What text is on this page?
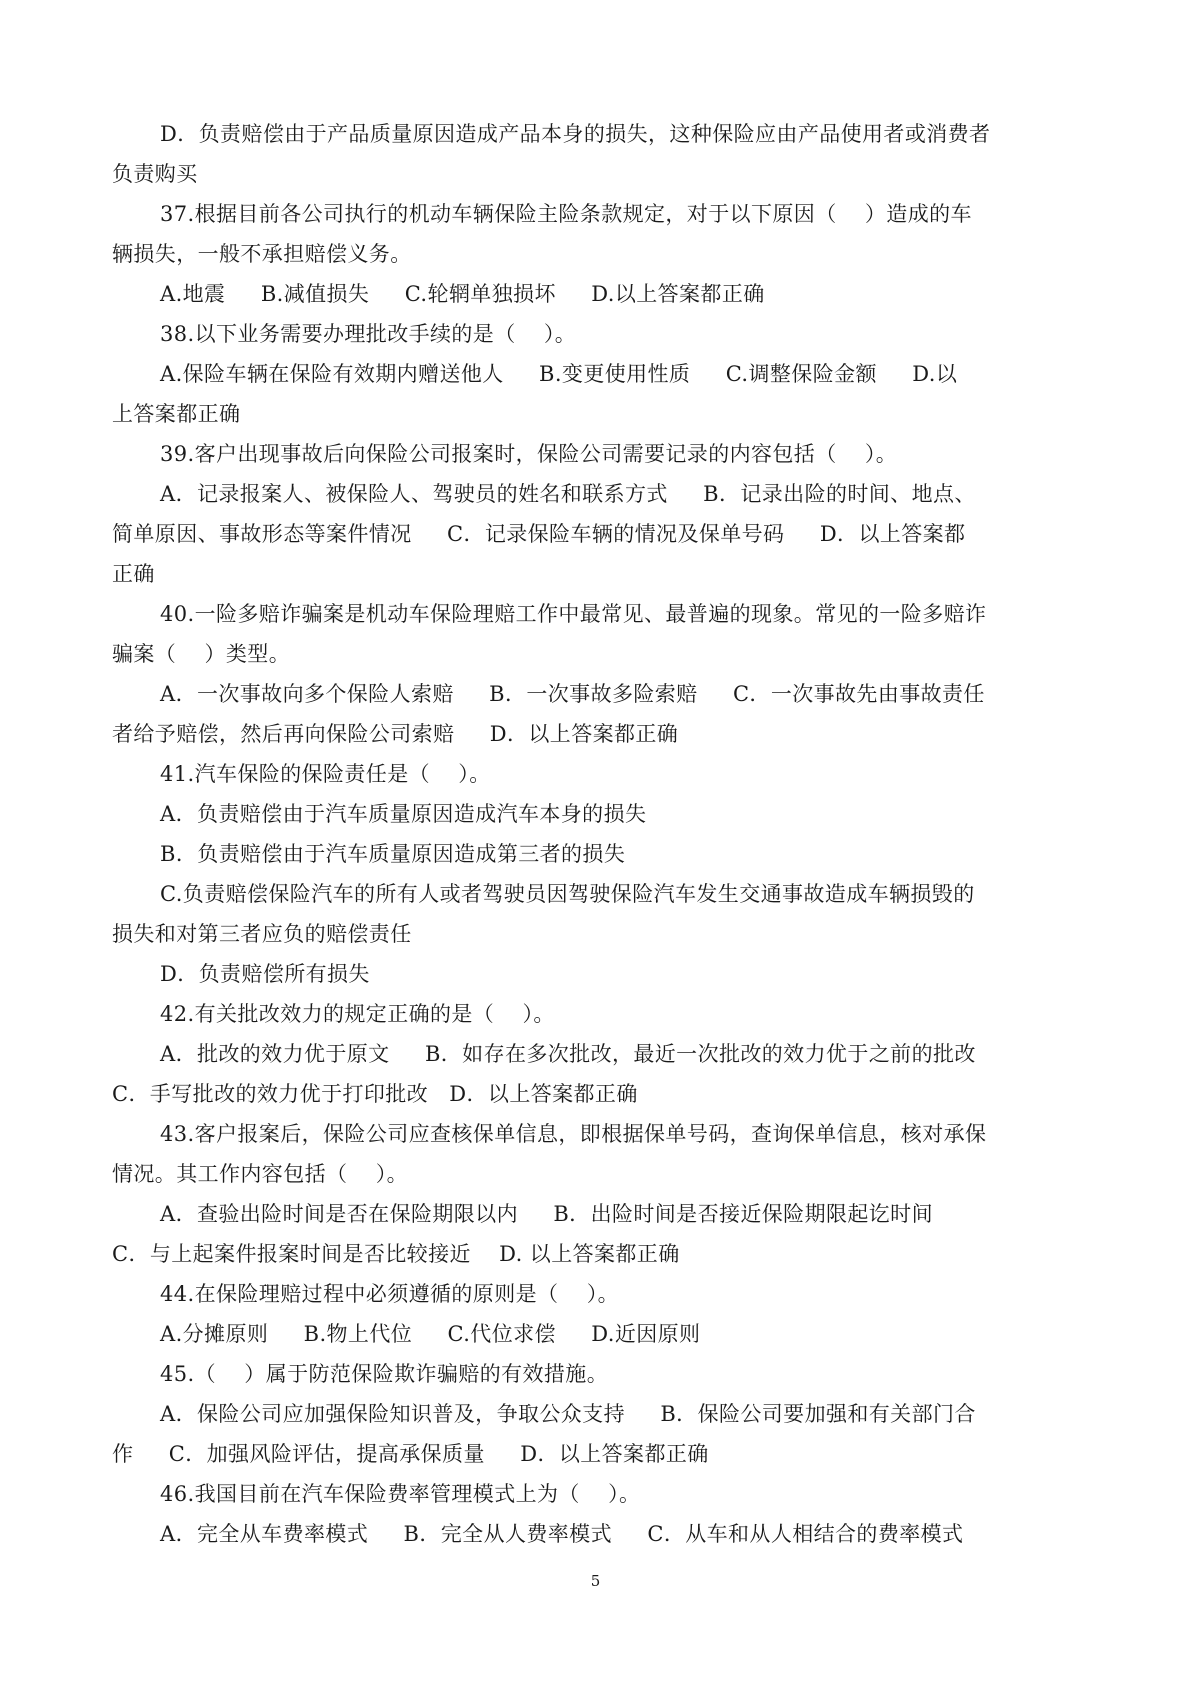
D．负责赔偿由于产品质量原因造成产品本身的损失，这种保险应由产品使用者或消费者
负责购买
37.根据目前各公司执行的机动车辆保险主险条款规定，对于以下原因（    ）造成的车
辆损失，一般不承担赔偿义务。
A.地震     B.减值损失     C.轮辋单独损坏     D.以上答案都正确
38.以下业务需要办理批改手续的是（    ）。
A.保险车辆在保险有效期内赠送他人     B.变更使用性质     C.调整保险金额     D.以
上答案都正确
39.客户出现事故后向保险公司报案时，保险公司需要记录的内容包括（    ）。
A．记录报案人、被保险人、驾驶员的姓名和联系方式     B．记录出险的时间、地点、
简单原因、事故形态等案件情况     C．记录保险车辆的情况及保单号码     D．以上答案都
正确
40.一险多赔诈骗案是机动车保险理赔工作中最常见、最普遍的现象。常见的一险多赔诈
骗案（    ）类型。
A．一次事故向多个保险人索赔     B．一次事故多险索赔     C．一次事故先由事故责任
者给予赔偿，然后再向保险公司索赔     D．以上答案都正确
41.汽车保险的保险责任是（    ）。
A．负责赔偿由于汽车质量原因造成汽车本身的损失
B．负责赔偿由于汽车质量原因造成第三者的损失
C.负责赔偿保险汽车的所有人或者驾驶员因驾驶保险汽车发生交通事故造成车辆损毁的
损失和对第三者应负的赔偿责任
D．负责赔偿所有损失
42.有关批改效力的规定正确的是（    ）。
A．批改的效力优于原文     B．如存在多次批改，最近一次批改的效力优于之前的批改
C．手写批改的效力优于打印批改   D．以上答案都正确
43.客户报案后，保险公司应查核保单信息，即根据保单号码，查询保单信息，核对承保
情况。其工作内容包括（    ）。
A．查验出险时间是否在保险期限以内     B．出险时间是否接近保险期限起讫时间
C．与上起案件报案时间是否比较接近    D. 以上答案都正确
44.在保险理赔过程中必须遵循的原则是（    ）。
A.分摊原则     B.物上代位     C.代位求偿     D.近因原则
45.（    ）属于防范保险欺诈骗赔的有效措施。
A．保险公司应加强保险知识普及，争取公众支持     B．保险公司要加强和有关部门合
作     C．加强风险评估，提高承保质量     D．以上答案都正确
46.我国目前在汽车保险费率管理模式上为（    ）。
A．完全从车费率模式     B．完全从人费率模式     C．从车和从人相结合的费率模式
5
